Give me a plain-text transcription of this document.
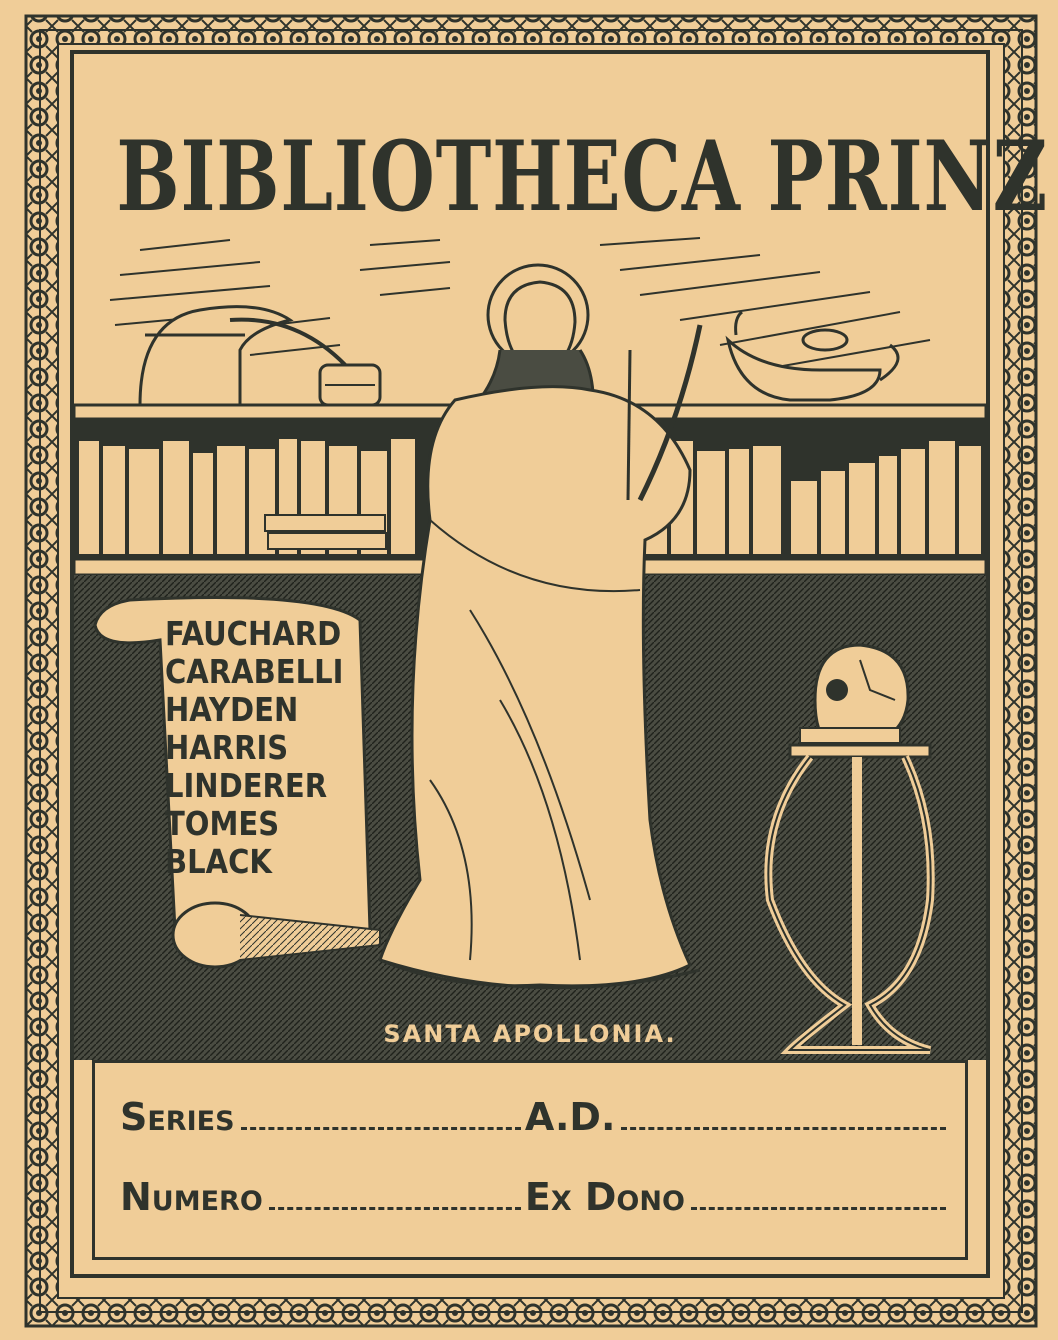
BIBLIOTHECA PRINZ
FAUCHARD
CARABELLI
HAYDEN
HARRIS
LINDERER
TOMES
BLACK
SANTA APOLLONIA.
Series	A.D.
Numero	Ex Dono
